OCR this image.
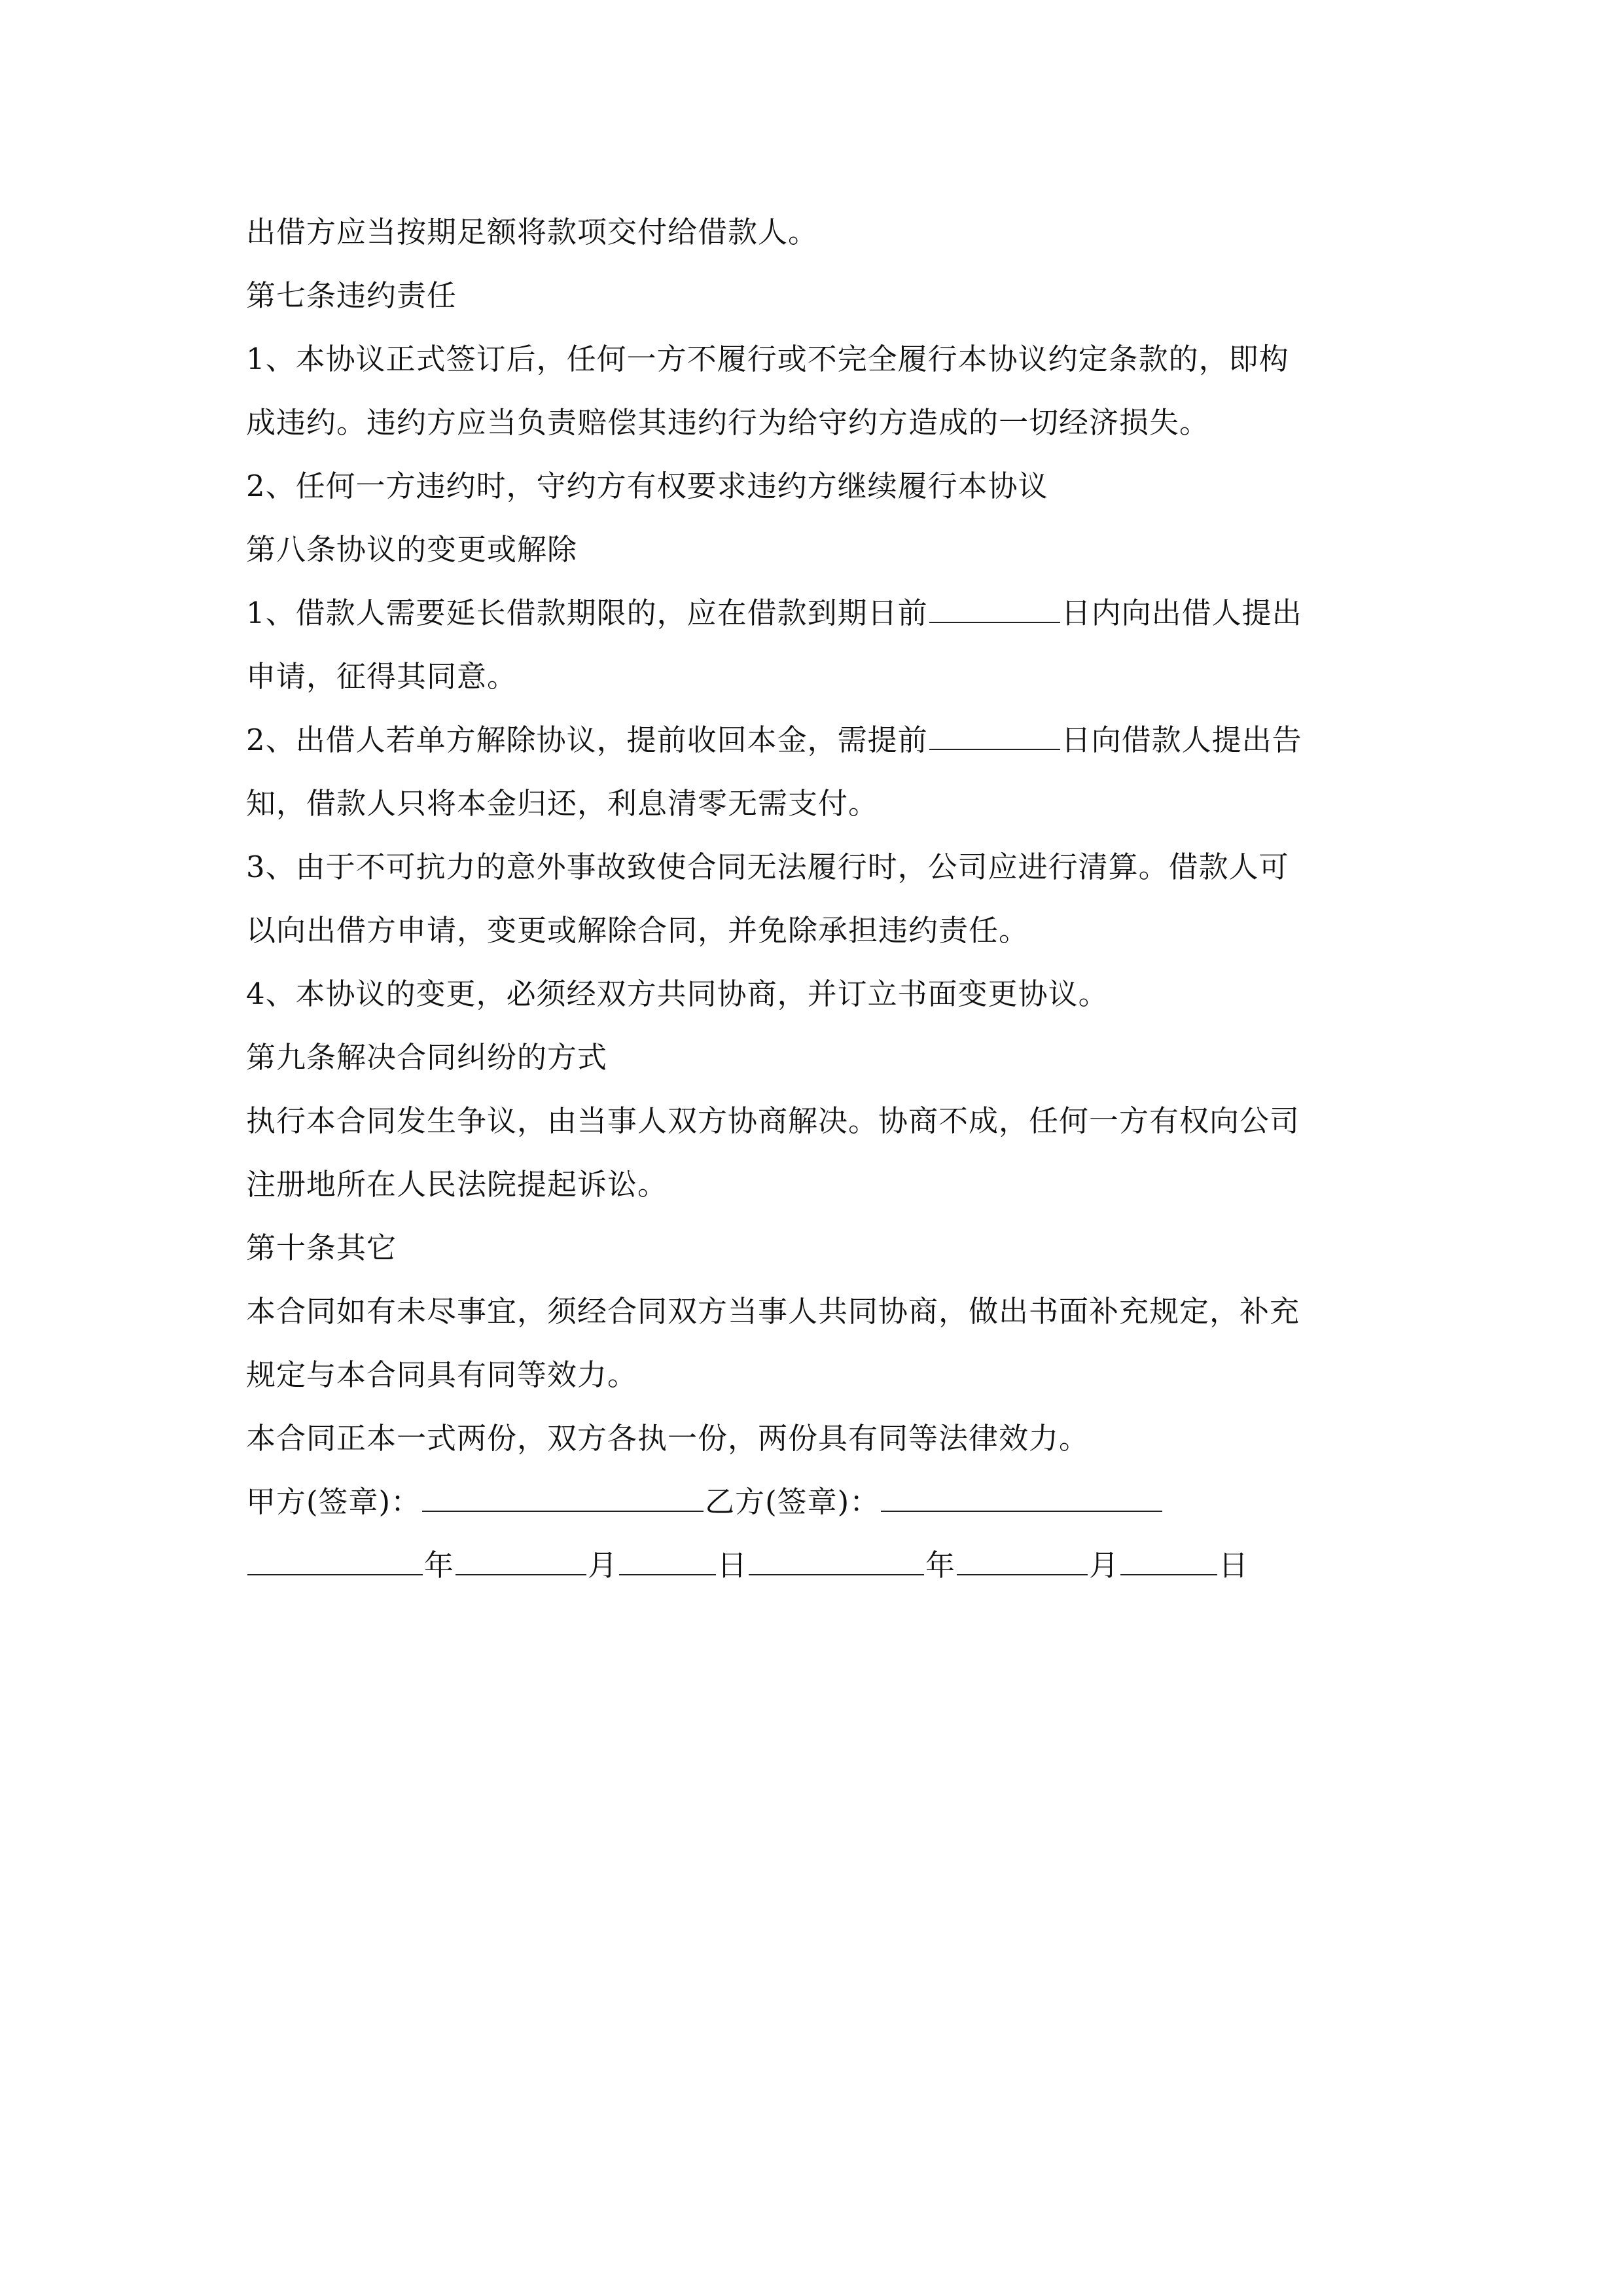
出借方应当按期足额将款项交付给借款人。
第七条违约责任
1、本协议正式签订后，任何一方不履行或不完全履行本协议约定条款的，即构
成违约。违约方应当负责赔偿其违约行为给守约方造成的一切经济损失。
2、任何一方违约时，守约方有权要求违约方继续履行本协议
第八条协议的变更或解除
1、借款人需要延长借款期限的，应在借款到期日前	日内向出借人提出
申请，征得其同意。
2、出借人若单方解除协议，提前收回本金，需提前	日向借款人提出告
知，借款人只将本金归还，利息清零无需支付。
3、由于不可抗力的意外事故致使合同无法履行时，公司应进行清算。借款人可
以向出借方申请，变更或解除合同，并免除承担违约责任。
4、本协议的变更，必须经双方共同协商，并订立书面变更协议。
第九条解决合同纠纷的方式
执行本合同发生争议，由当事人双方协商解决。协商不成，任何一方有权向公司
注册地所在人民法院提起诉讼。
第十条其它
本合同如有未尽事宜，须经合同双方当事人共同协商，做出书面补充规定，补充
规定与本合同具有同等效力。
本合同正本一式两份，双方各执一份，两份具有同等法律效力。
甲方(签章)：	乙方(签章)：
年	月	日	年	月	日
